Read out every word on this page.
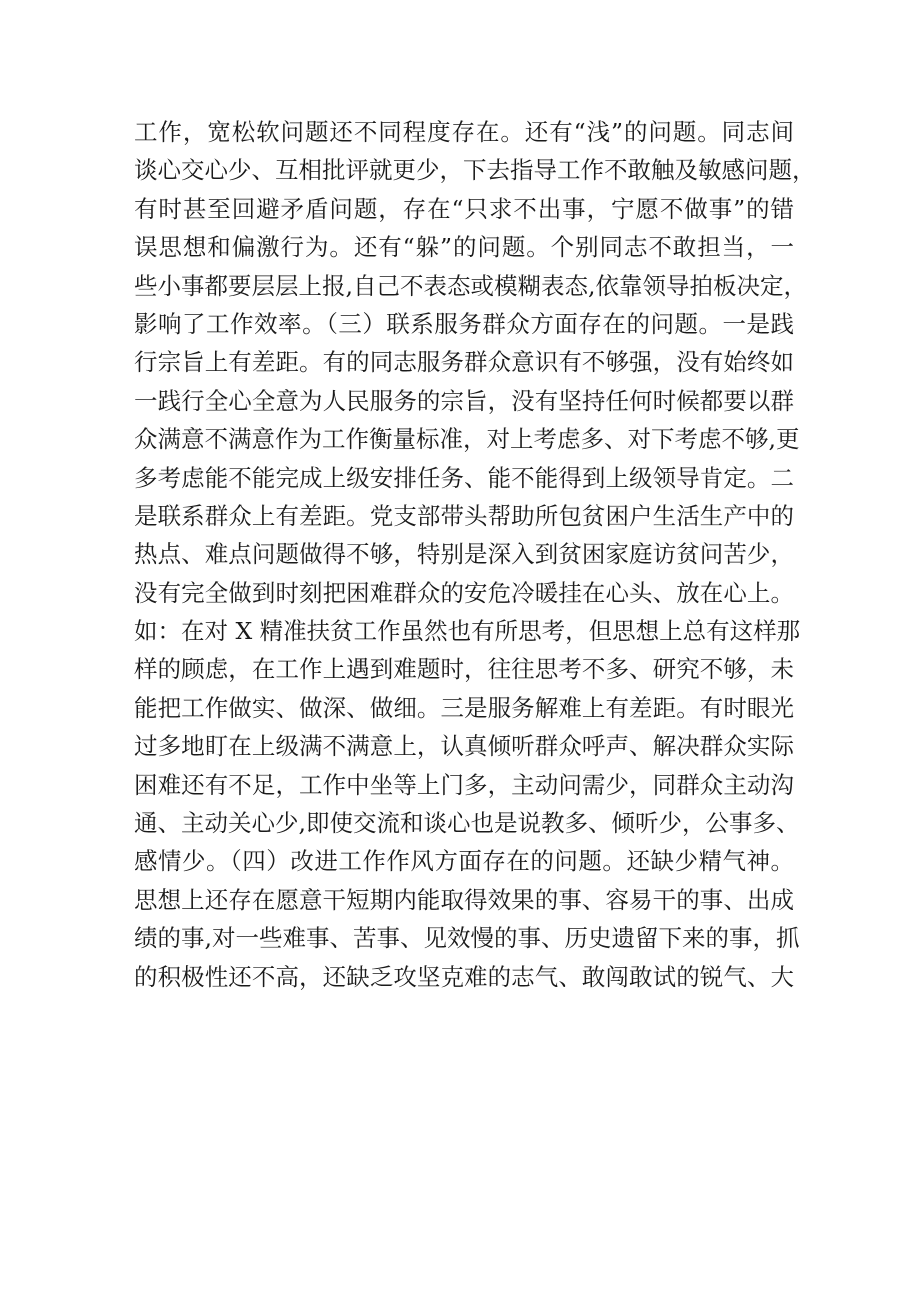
工作，宽松软问题还不同程度存在。还有“浅”的问题。同志间
谈心交心少、互相批评就更少，下去指导工作不敢触及敏感问题，
有时甚至回避矛盾问题，存在“只求不出事，宁愿不做事”的错
误思想和偏激行为。还有“躲”的问题。个别同志不敢担当，一
些小事都要层层上报,自己不表态或模糊表态,依靠领导拍板决定，
影响了工作效率。（三）联系服务群众方面存在的问题。一是践
行宗旨上有差距。有的同志服务群众意识有不够强，没有始终如
一践行全心全意为人民服务的宗旨，没有坚持任何时候都要以群
众满意不满意作为工作衡量标准，对上考虑多、对下考虑不够,更
多考虑能不能完成上级安排任务、能不能得到上级领导肯定。二
是联系群众上有差距。党支部带头帮助所包贫困户生活生产中的
热点、难点问题做得不够，特别是深入到贫困家庭访贫问苦少，
没有完全做到时刻把困难群众的安危冷暖挂在心头、放在心上。
如：在对 X 精准扶贫工作虽然也有所思考，但思想上总有这样那
样的顾虑，在工作上遇到难题时，往往思考不多、研究不够，未
能把工作做实、做深、做细。三是服务解难上有差距。有时眼光
过多地盯在上级满不满意上，认真倾听群众呼声、解决群众实际
困难还有不足，工作中坐等上门多，主动问需少，同群众主动沟
通、主动关心少,即使交流和谈心也是说教多、倾听少，公事多、
感情少。（四）改进工作作风方面存在的问题。还缺少精气神。
思想上还存在愿意干短期内能取得效果的事、容易干的事、出成
绩的事,对一些难事、苦事、见效慢的事、历史遗留下来的事，抓
的积极性还不高，还缺乏攻坚克难的志气、敢闯敢试的锐气、大
